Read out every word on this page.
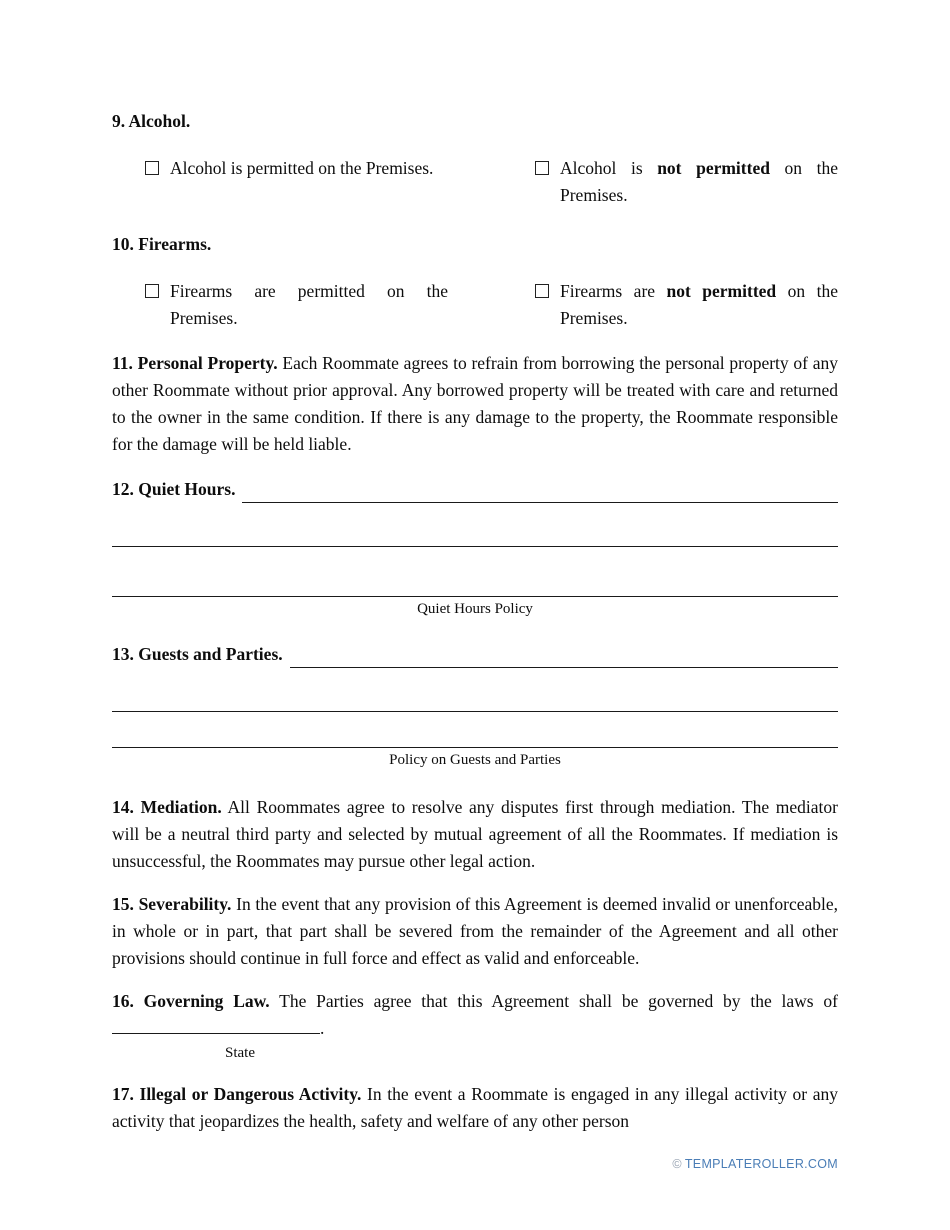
9. Alcohol.
Alcohol is permitted on the Premises.	Alcohol is not permitted on the Premises.
10. Firearms.
Firearms are permitted on the Premises.
Firearms are not permitted on the Premises.

11. Personal Property. Each Roommate agrees to refrain from borrowing the personal property of any other Roommate without prior approval. Any borrowed property will be treated with care and returned to the owner in the same condition. If there is any damage to the property, the Roommate responsible for the damage will be held liable.

12. Quiet Hours.
Quiet Hours Policy
13. Guests and Parties.
Policy on Guests and Parties

14. Mediation. All Roommates agree to resolve any disputes first through mediation. The mediator will be a neutral third party and selected by mutual agreement of all the Roommates. If mediation is unsuccessful, the Roommates may pursue other legal action.

15. Severability. In the event that any provision of this Agreement is deemed invalid or unenforceable, in whole or in part, that part shall be severed from the remainder of the Agreement and all other provisions should continue in full force and effect as valid and enforceable.

16. Governing Law. The Parties agree that this Agreement shall be governed by the laws of .

State

17. Illegal or Dangerous Activity. In the event a Roommate is engaged in any illegal activity or any activity that jeopardizes the health, safety and welfare of any other person

© TEMPLATEROLLER.COM
